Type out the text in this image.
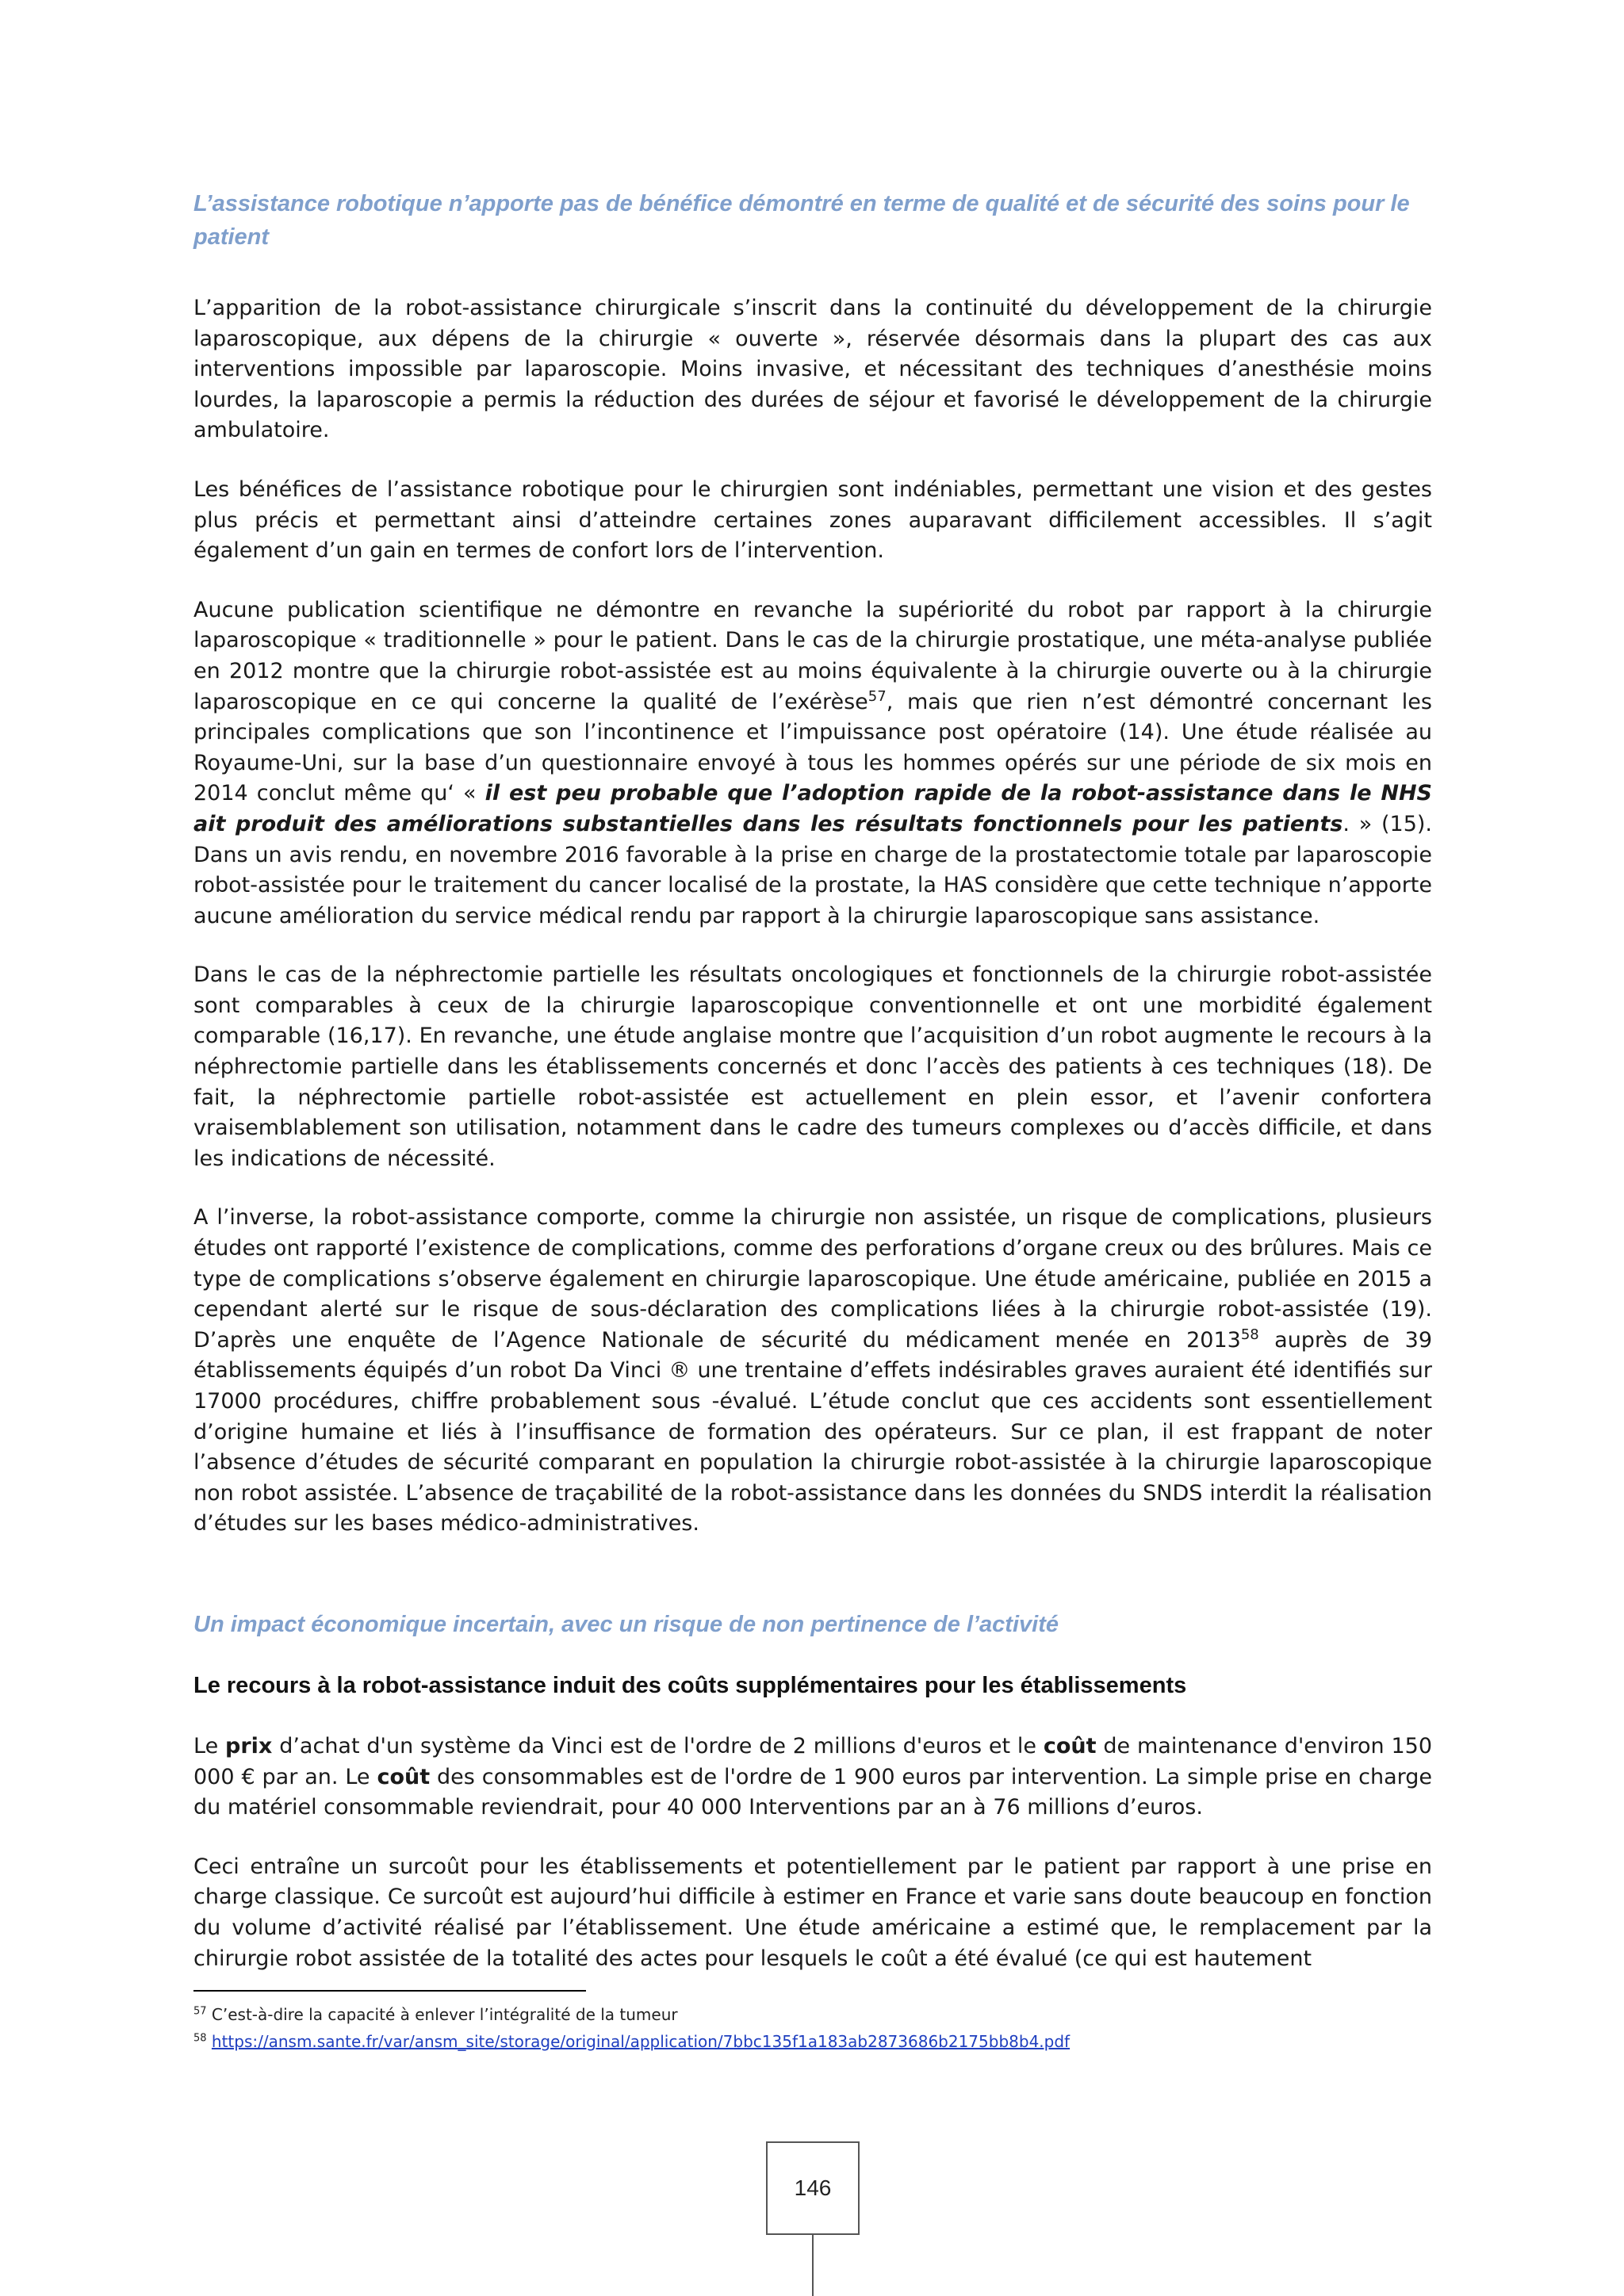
L’assistance robotique n’apporte pas de bénéfice démontré en terme de qualité et de sécurité des soins pour le patient

L’apparition de la robot-assistance chirurgicale s’inscrit dans la continuité du développement de la chirurgie laparoscopique, aux dépens de la chirurgie « ouverte », réservée désormais dans la plupart des cas aux interventions impossible par laparoscopie. Moins invasive, et nécessitant des techniques d’anesthésie moins lourdes, la laparoscopie a permis la réduction des durées de séjour et favorisé le développement de la chirurgie ambulatoire.

Les bénéfices de l’assistance robotique pour le chirurgien sont indéniables, permettant une vision et des gestes plus précis et permettant ainsi d’atteindre certaines zones auparavant difficilement accessibles. Il s’agit également d’un gain en termes de confort lors de l’intervention.

Aucune publication scientifique ne démontre en revanche la supériorité du robot par rapport à la chirurgie laparoscopique « traditionnelle » pour le patient. Dans le cas de la chirurgie prostatique, une méta-analyse publiée en 2012 montre que la chirurgie robot-assistée est au moins équivalente à la chirurgie ouverte ou à la chirurgie laparoscopique en ce qui concerne la qualité de l’exérèse$^{57}$, mais que rien n’est démontré concernant les principales complications que son l’incontinence et l’impuissance post opératoire (14). Une étude réalisée au Royaume-Uni, sur la base d’un questionnaire envoyé à tous les hommes opérés sur une période de six mois en 2014 conclut même qu‘ « il est peu probable que l’adoption rapide de la robot-assistance dans le NHS ait produit des améliorations substantielles dans les résultats fonctionnels pour les patients. » (15). Dans un avis rendu, en novembre 2016 favorable à la prise en charge de la prostatectomie totale par laparoscopie robot-assistée pour le traitement du cancer localisé de la prostate, la HAS considère que cette technique n’apporte aucune amélioration du service médical rendu par rapport à la chirurgie laparoscopique sans assistance.

Dans le cas de la néphrectomie partielle les résultats oncologiques et fonctionnels de la chirurgie robot-assistée sont comparables à ceux de la chirurgie laparoscopique conventionnelle et ont une morbidité également comparable (16,17). En revanche, une étude anglaise montre que l’acquisition d’un robot augmente le recours à la néphrectomie partielle dans les établissements concernés et donc l’accès des patients à ces techniques (18). De fait, la néphrectomie partielle robot-assistée est actuellement en plein essor, et l’avenir confortera vraisemblablement son utilisation, notamment dans le cadre des tumeurs complexes ou d’accès difficile, et dans les indications de nécessité.

A l’inverse, la robot-assistance comporte, comme la chirurgie non assistée, un risque de complications, plusieurs études ont rapporté l’existence de complications, comme des perforations d’organe creux ou des brûlures. Mais ce type de complications s’observe également en chirurgie laparoscopique. Une étude américaine, publiée en 2015 a cependant alerté sur le risque de sous-déclaration des complications liées à la chirurgie robot-assistée (19). D’après une enquête de l’Agence Nationale de sécurité du médicament menée en 2013$^{58}$ auprès de 39 établissements équipés d’un robot Da Vinci ® une trentaine d’effets indésirables graves auraient été identifiés sur 17000 procédures, chiffre probablement sous -évalué. L’étude conclut que ces accidents sont essentiellement d’origine humaine et liés à l’insuffisance de formation des opérateurs. Sur ce plan, il est frappant de noter l’absence d’études de sécurité comparant en population la chirurgie robot-assistée à la chirurgie laparoscopique non robot assistée. L’absence de traçabilité de la robot-assistance dans les données du SNDS interdit la réalisation d’études sur les bases médico-administratives.

Un impact économique incertain, avec un risque de non pertinence de l’activité
Le recours à la robot-assistance induit des coûts supplémentaires pour les établissements

Le prix d’achat d'un système da Vinci est de l'ordre de 2 millions d'euros et le coût de maintenance d'environ 150 000 € par an. Le coût des consommables est de l'ordre de 1 900 euros par intervention. La simple prise en charge du matériel consommable reviendrait, pour 40 000 Interventions par an à 76 millions d’euros.

Ceci entraîne un surcoût pour les établissements et potentiellement par le patient par rapport à une prise en charge classique. Ce surcoût est aujourd’hui difficile à estimer en France et varie sans doute beaucoup en fonction du volume d’activité réalisé par l’établissement. Une étude américaine a estimé que, le remplacement par la chirurgie robot assistée de la totalité des actes pour lesquels le coût a été évalué (ce qui est hautement

$^{57}$ C’est-à-dire la capacité à enlever l’intégralité de la tumeur

$^{58}$ https://ansm.sante.fr/var/ansm_site/storage/original/application/7bbc135f1a183ab2873686b2175bb8b4.pdf

146
